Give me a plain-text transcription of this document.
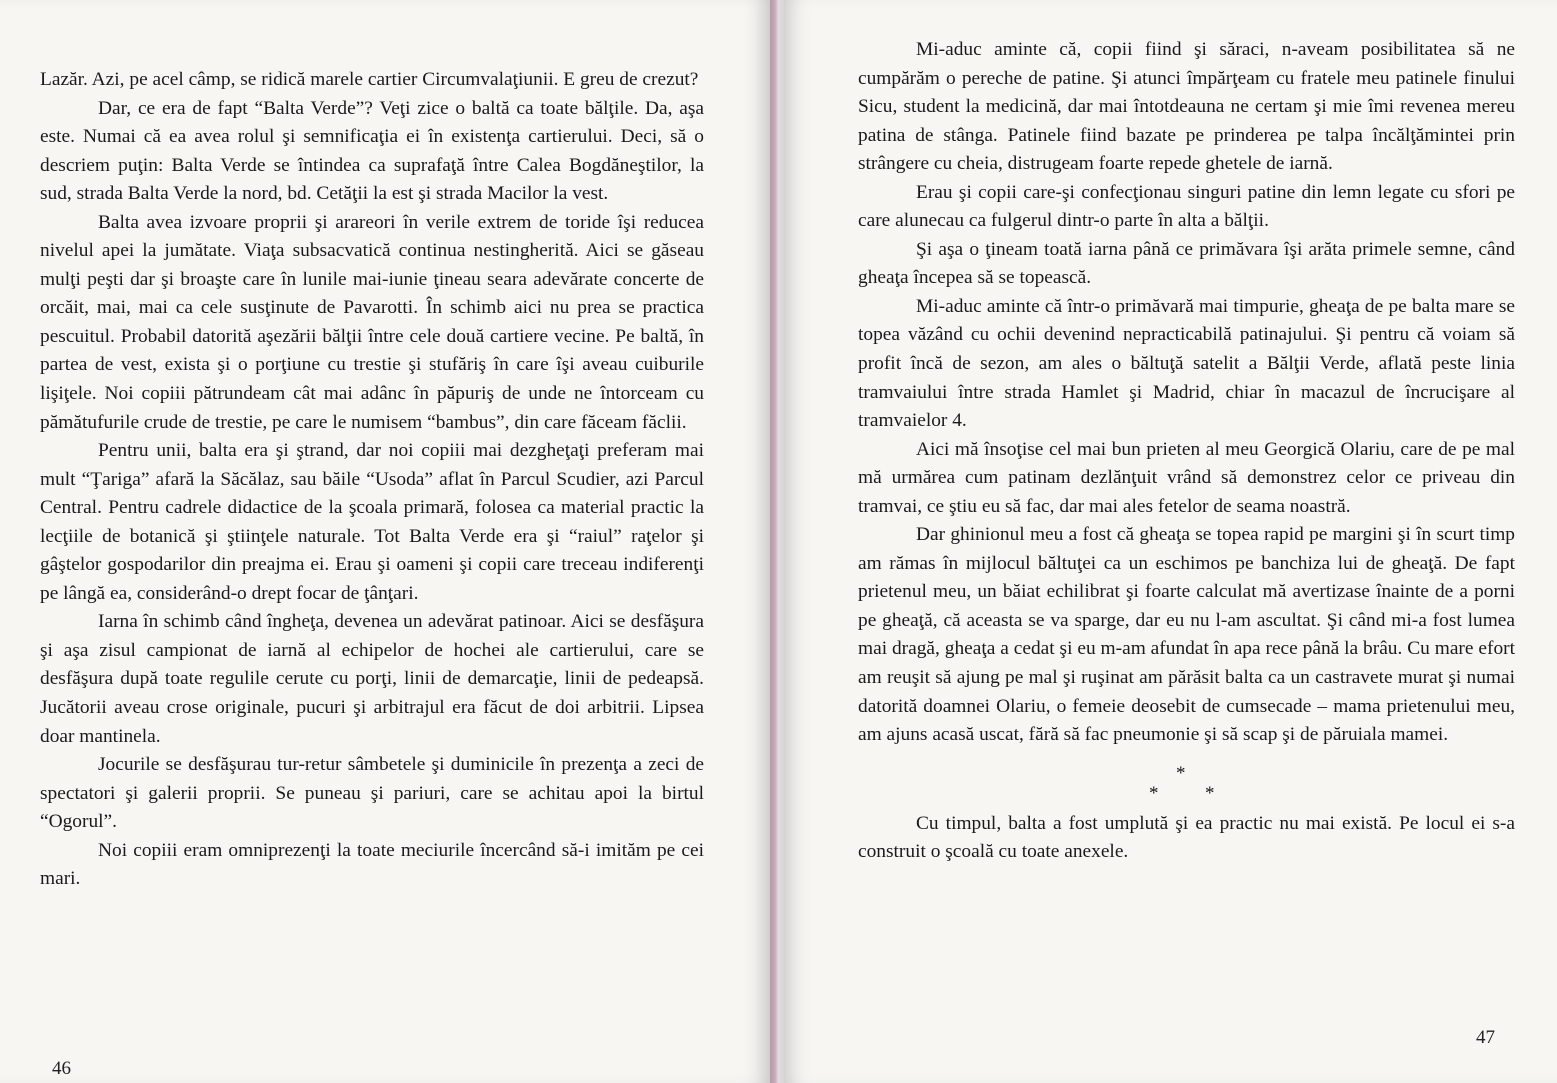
Lazăr. Azi, pe acel câmp, se ridică marele cartier Circumvalaţiunii. E greu de crezut?

Dar, ce era de fapt “Balta Verde”? Veţi zice o baltă ca toate bălţile. Da, aşa este. Numai că ea avea rolul şi semnificaţia ei în existenţa cartierului. Deci, să o descriem puţin: Balta Verde se întindea ca suprafaţă între Calea Bogdăneştilor, la sud, strada Balta Verde la nord, bd. Cetăţii la est şi strada Macilor la vest.

Balta avea izvoare proprii şi arareori în verile extrem de toride îşi reducea nivelul apei la jumătate. Viaţa subsacvatică continua nestingherită. Aici se găseau mulţi peşti dar şi broaşte care în lunile mai-iunie ţineau seara adevărate concerte de orcăit, mai, mai ca cele susţinute de Pavarotti. În schimb aici nu prea se practica pescuitul. Probabil datorită aşezării bălţii între cele două cartiere vecine. Pe baltă, în partea de vest, exista şi o porţiune cu trestie şi stufăriş în care îşi aveau cuiburile lişiţele. Noi copiii pătrundeam cât mai adânc în păpuriş de unde ne întorceam cu pămătufurile crude de trestie, pe care le numisem “bambus”, din care făceam făclii.

Pentru unii, balta era şi ştrand, dar noi copiii mai dezgheţaţi preferam mai mult “Ţariga” afară la Săcălaz, sau băile “Usoda” aflat în Parcul Scudier, azi Parcul Central. Pentru cadrele didactice de la şcoala primară, folosea ca material practic la lecţiile de botanică şi ştiinţele naturale. Tot Balta Verde era şi “raiul” raţelor şi gâştelor gospodarilor din preajma ei. Erau şi oameni şi copii care treceau indiferenţi pe lângă ea, considerând-o drept focar de ţânţari.

Iarna în schimb când îngheţa, devenea un adevărat patinoar. Aici se desfăşura şi aşa zisul campionat de iarnă al echipelor de hochei ale cartierului, care se desfăşura după toate regulile cerute cu porţi, linii de demarcaţie, linii de pedeapsă. Jucătorii aveau crose originale, pucuri şi arbitrajul era făcut de doi arbitrii. Lipsea doar mantinela.

Jocurile se desfăşurau tur-retur sâmbetele şi duminicile în prezenţa a zeci de spectatori şi galerii proprii. Se puneau şi pariuri, care se achitau apoi la birtul “Ogorul”.

Noi copiii eram omniprezenţi la toate meciurile încercând să-i imităm pe cei mari.

46

Mi-aduc aminte că, copii fiind şi săraci, n-aveam posibilitatea să ne cumpărăm o pereche de patine. Şi atunci împărţeam cu fratele meu patinele finului Sicu, student la medicină, dar mai întotdeauna ne certam şi mie îmi revenea mereu patina de stânga. Patinele fiind bazate pe prinderea pe talpa încălţămintei prin strângere cu cheia, distrugeam foarte repede ghetele de iarnă.

Erau şi copii care-şi confecţionau singuri patine din lemn legate cu sfori pe care alunecau ca fulgerul dintr-o parte în alta a bălţii.

Şi aşa o ţineam toată iarna până ce primăvara îşi arăta primele semne, când gheaţa începea să se topească.

Mi-aduc aminte că într-o primăvară mai timpurie, gheaţa de pe balta mare se topea văzând cu ochii devenind nepracticabilă patinajului. Şi pentru că voiam să profit încă de sezon, am ales o băltuţă satelit a Bălţii Verde, aflată peste linia tramvaiului între strada Hamlet şi Madrid, chiar în macazul de încrucişare al tramvaielor 4.

Aici mă însoţise cel mai bun prieten al meu Georgică Olariu, care de pe mal mă urmărea cum patinam dezlănţuit vrând să demonstrez celor ce priveau din tramvai, ce ştiu eu să fac, dar mai ales fetelor de seama noastră.

Dar ghinionul meu a fost că gheaţa se topea rapid pe margini şi în scurt timp am rămas în mijlocul băltuţei ca un eschimos pe banchiza lui de gheaţă. De fapt prietenul meu, un băiat echilibrat şi foarte calculat mă avertizase înainte de a porni pe gheaţă, că aceasta se va sparge, dar eu nu l-am ascultat. Şi când mi-a fost lumea mai dragă, gheaţa a cedat şi eu m-am afundat în apa rece până la brâu. Cu mare efort am reuşit să ajung pe mal şi ruşinat am părăsit balta ca un castravete murat şi numai datorită doamnei Olariu, o femeie deosebit de cumsecade – mama prietenului meu, am ajuns acasă uscat, fără să fac pneumonie şi să scap şi de păruiala mamei.

*
* *

Cu timpul, balta a fost umplută şi ea practic nu mai există. Pe locul ei s-a construit o şcoală cu toate anexele.

47
